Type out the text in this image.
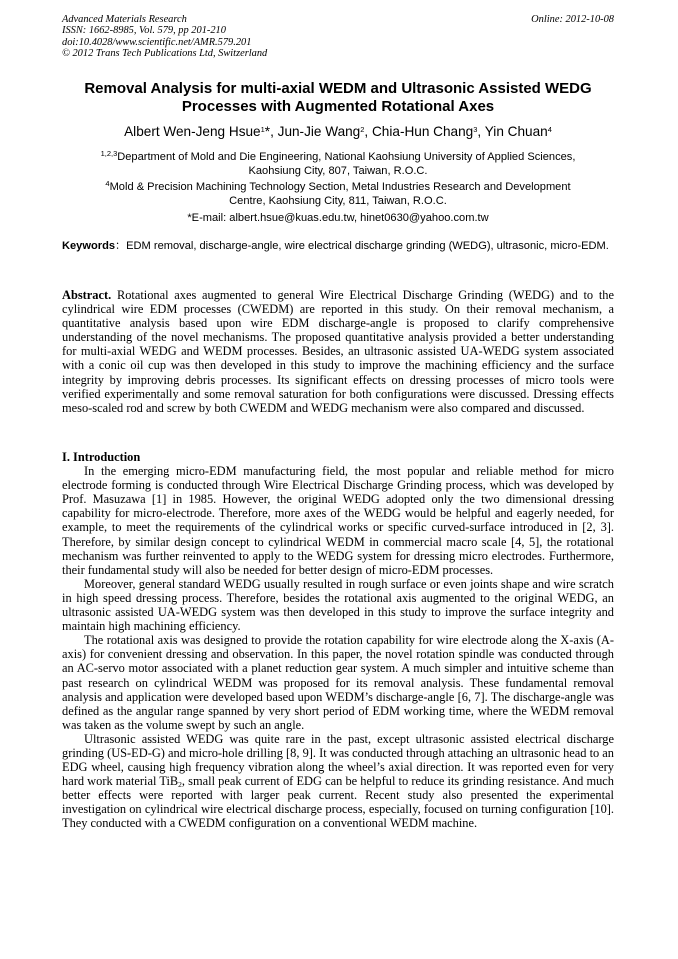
Advanced Materials Research
ISSN: 1662-8985, Vol. 579, pp 201-210
doi:10.4028/www.scientific.net/AMR.579.201
© 2012 Trans Tech Publications Ltd, Switzerland
Online: 2012-10-08
Removal Analysis for multi-axial WEDM and Ultrasonic Assisted WEDG
Processes with Augmented Rotational Axes
Albert Wen-Jeng Hsue$^1$*, Jun-Jie Wang$^2$, Chia-Hun Chang$^3$, Yin Chuan$^4$
$^{1,2,3}$Department of Mold and Die Engineering, National Kaohsiung University of Applied Sciences,
Kaohsiung City, 807, Taiwan, R.O.C.
$^4$Mold & Precision Machining Technology Section, Metal Industries Research and Development
Centre, Kaohsiung City, 811, Taiwan, R.O.C.
*E-mail: albert.hsue@kuas.edu.tw, hinet0630@yahoo.com.tw
Keywords：EDM removal, discharge-angle, wire electrical discharge grinding (WEDG), ultrasonic, micro-EDM.

Abstract. Rotational axes augmented to general Wire Electrical Discharge Grinding (WEDG) and to the cylindrical wire EDM processes (CWEDM) are reported in this study. On their removal mechanism, a quantitative analysis based upon wire EDM discharge-angle is proposed to clarify comprehensive understanding of the novel mechanisms. The proposed quantitative analysis provided a better understanding for multi-axial WEDG and WEDM processes. Besides, an ultrasonic assisted UA-WEDG system associated with a conic oil cup was then developed in this study to improve the machining efficiency and the surface integrity by improving debris processes. Its significant effects on dressing processes of micro tools were verified experimentally and some removal saturation for both configurations were discussed. Dressing effects meso-scaled rod and screw by both CWEDM and WEDG mechanism were also compared and discussed.

I. Introduction

In the emerging micro-EDM manufacturing field, the most popular and reliable method for micro electrode forming is conducted through Wire Electrical Discharge Grinding process, which was developed by Prof. Masuzawa [1] in 1985. However, the original WEDG adopted only the two dimensional dressing capability for micro-electrode. Therefore, more axes of the WEDG would be helpful and eagerly needed, for example, to meet the requirements of the cylindrical works or specific curved-surface introduced in [2, 3]. Therefore, by similar design concept to cylindrical WEDM in commercial macro scale [4, 5], the rotational mechanism was further reinvented to apply to the WEDG system for dressing micro electrodes. Furthermore, their fundamental study will also be needed for better design of micro-EDM processes.

Moreover, general standard WEDG usually resulted in rough surface or even joints shape and wire scratch in high speed dressing process. Therefore, besides the rotational axis augmented to the original WEDG, an ultrasonic assisted UA-WEDG system was then developed in this study to improve the surface integrity and maintain high machining efficiency.

The rotational axis was designed to provide the rotation capability for wire electrode along the X-axis (A-axis) for convenient dressing and observation. In this paper, the novel rotation spindle was conducted through an AC-servo motor associated with a planet reduction gear system. A much simpler and intuitive scheme than past research on cylindrical WEDM was proposed for its removal analysis. These fundamental removal analysis and application were developed based upon WEDM’s discharge-angle [6, 7]. The discharge-angle was defined as the angular range spanned by very short period of EDM working time, where the WEDM removal was taken as the volume swept by such an angle.

Ultrasonic assisted WEDG was quite rare in the past, except ultrasonic assisted electrical discharge grinding (US-ED-G) and micro-hole drilling [8, 9]. It was conducted through attaching an ultrasonic head to an EDG wheel, causing high frequency vibration along the wheel’s axial direction. It was reported even for very hard work material TiB$_2$, small peak current of EDG can be helpful to reduce its grinding resistance. And much better effects were reported with larger peak current. Recent study also presented the experimental investigation on cylindrical wire electrical discharge process, especially, focused on turning configuration [10]. They conducted with a CWEDM configuration on a conventional WEDM machine.
